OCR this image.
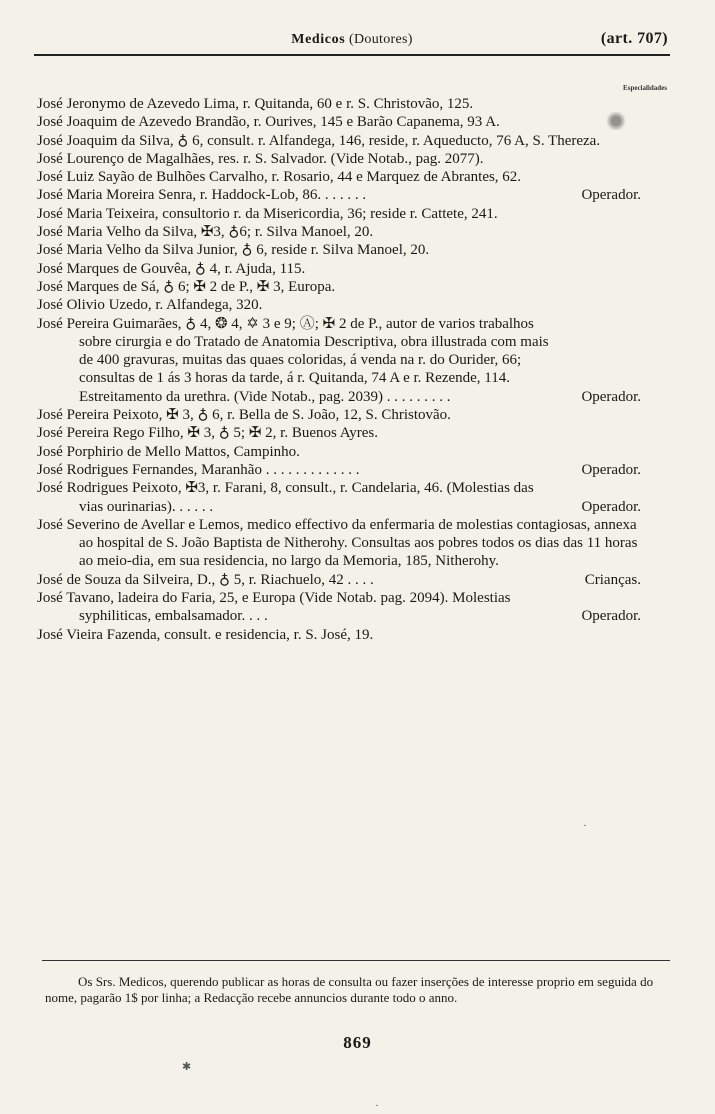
Medicos (Doutores)	(art. 707)
Especialidades
José Jeronymo de Azevedo Lima, r. Quitanda, 60 e r. S. Christovão, 125.
José Joaquim de Azevedo Brandão, r. Ourives, 145 e Barão Capanema, 93 A.
José Joaquim da Silva, ♁ 6, consult. r. Alfandega, 146, reside, r. Aqueducto, 76 A, S. Thereza.
José Lourenço de Magalhães, res. r. S. Salvador. (Vide Notab., pag. 2077).
José Luiz Sayão de Bulhões Carvalho, r. Rosario, 44 e Marquez de Abrantes, 62.
José Maria Moreira Senra, r. Haddock-Lob, 86. . . . . . .	Operador.
José Maria Teixeira, consultorio r. da Misericordia, 36; reside r. Cattete, 241.
José Maria Velho da Silva, ✠3, ♁6; r. Silva Manoel, 20.
José Maria Velho da Silva Junior, ♁ 6, reside r. Silva Manoel, 20.
José Marques de Gouvêa, ♁ 4, r. Ajuda, 115.
José Marques de Sá, ♁ 6; ✠ 2 de P., ✠ 3, Europa.
José Olivio Uzedo, r. Alfandega, 320.
José Pereira Guimarães, ♁ 4, ❂ 4, ✡ 3 e 9; Ⓐ; ✠ 2 de P., autor de varios trabalhos sobre cirurgia e do Tratado de Anatomia Descriptiva, obra illustrada com mais de 400 gravuras, muitas das quaes coloridas, á venda na r. do Ourider, 66; consultas de 1 ás 3 horas da tarde, á r. Quitanda, 74 A e r. Rezende, 114. Estreitamento da urethra. (Vide Notab., pag. 2039) . . . . . . . . .	Operador.
José Pereira Peixoto, ✠ 3, ♁ 6, r. Bella de S. João, 12, S. Christovão.
José Pereira Rego Filho, ✠ 3, ♁ 5; ✠ 2, r. Buenos Ayres.
José Porphirio de Mello Mattos, Campinho.
José Rodrigues Fernandes, Maranhão . . . . . . . . . . . . .	Operador.
José Rodrigues Peixoto, ✠3, r. Farani, 8, consult., r. Candelaria, 46. (Molestias das vias ourinarias). . . . . .	Operador.
José Severino de Avellar e Lemos, medico effectivo da enfermaria de molestias contagiosas, annexa ao hospital de S. João Baptista de Nitherohy. Consultas aos pobres todos os dias das 11 horas ao meio-dia, em sua residencia, no largo da Memoria, 185, Nitherohy.
José de Souza da Silveira, D., ♁ 5, r. Riachuelo, 42 . . . .	Crianças.
José Tavano, ladeira do Faria, 25, e Europa (Vide Notab. pag. 2094). Molestias syphiliticas, embalsamador. . . .	Operador.
José Vieira Fazenda, consult. e residencia, r. S. José, 19.
Os Srs. Medicos, querendo publicar as horas de consulta ou fazer inserções de interesse proprio em seguida do nome, pagarão 1$ por linha; a Redacção recebe annuncios durante todo o anno.
869
✱
·
·
